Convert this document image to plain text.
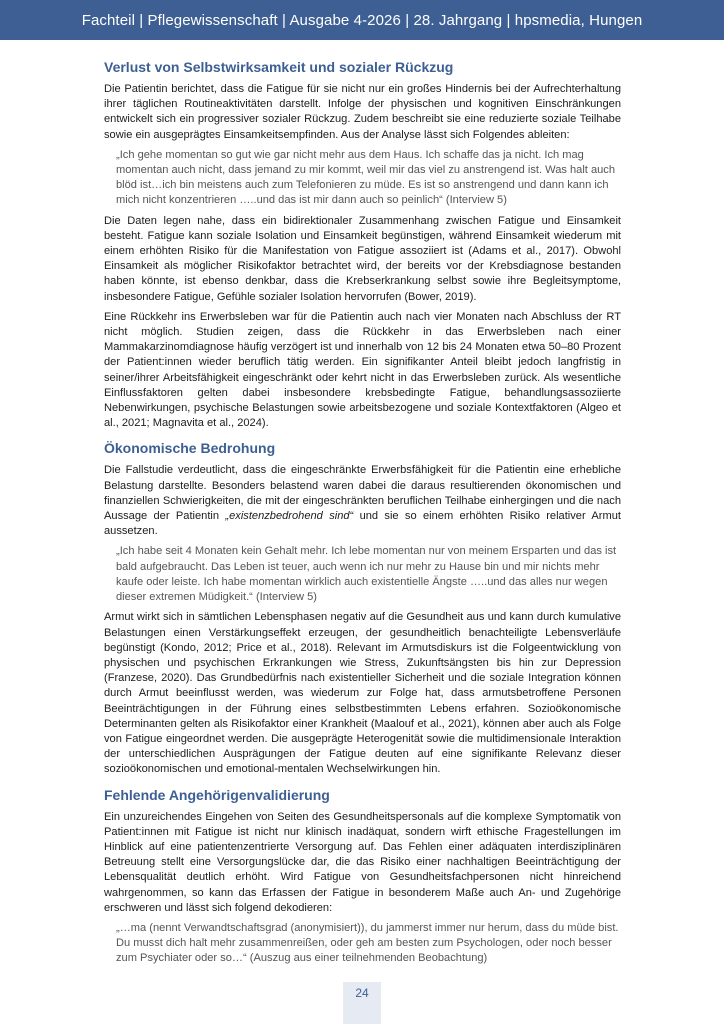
Fachteil | Pflegewissenschaft | Ausgabe 4-2026 | 28. Jahrgang | hpsmedia, Hungen
Verlust von Selbstwirksamkeit und sozialer Rückzug

Die Patientin berichtet, dass die Fatigue für sie nicht nur ein großes Hindernis bei der Aufrechterhaltung ihrer täglichen Routineaktivitäten darstellt. Infolge der physischen und kognitiven Einschränkungen entwickelt sich ein progressiver sozialer Rückzug. Zudem beschreibt sie eine reduzierte soziale Teilhabe sowie ein ausgeprägtes Einsamkeitsempfinden. Aus der Analyse lässt sich Folgendes ableiten:

„Ich gehe momentan so gut wie gar nicht mehr aus dem Haus. Ich schaffe das ja nicht. Ich mag momentan auch nicht, dass jemand zu mir kommt, weil mir das viel zu anstrengend ist. Was halt auch blöd ist…ich bin meistens auch zum Telefonieren zu müde. Es ist so anstrengend und dann kann ich mich nicht konzentrieren …..und das ist mir dann auch so peinlich“ (Interview 5)

Die Daten legen nahe, dass ein bidirektionaler Zusammenhang zwischen Fatigue und Einsamkeit besteht. Fatigue kann soziale Isolation und Einsamkeit begünstigen, während Einsamkeit wiederum mit einem erhöhten Risiko für die Manifestation von Fatigue assoziiert ist (Adams et al., 2017). Obwohl Einsamkeit als möglicher Risikofaktor betrachtet wird, der bereits vor der Krebsdiagnose bestanden haben könnte, ist ebenso denkbar, dass die Krebserkrankung selbst sowie ihre Begleitsymptome, insbesondere Fatigue, Gefühle sozialer Isolation hervorrufen (Bower, 2019).

Eine Rückkehr ins Erwerbsleben war für die Patientin auch nach vier Monaten nach Abschluss der RT nicht möglich. Studien zeigen, dass die Rückkehr in das Erwerbsleben nach einer Mammakarzinomdiagnose häufig verzögert ist und innerhalb von 12 bis 24 Monaten etwa 50–80 Prozent der Patient:innen wieder beruflich tätig werden. Ein signifikanter Anteil bleibt jedoch langfristig in seiner/ihrer Arbeitsfähigkeit eingeschränkt oder kehrt nicht in das Erwerbsleben zurück. Als wesentliche Einflussfaktoren gelten dabei insbesondere krebsbedingte Fatigue, behandlungsassoziierte Nebenwirkungen, psychische Belastungen sowie arbeitsbezogene und soziale Kontextfaktoren (Algeo et al., 2021; Magnavita et al., 2024).

Ökonomische Bedrohung

Die Fallstudie verdeutlicht, dass die eingeschränkte Erwerbsfähigkeit für die Patientin eine erhebliche Belastung darstellte. Besonders belastend waren dabei die daraus resultierenden ökonomischen und finanziellen Schwierigkeiten, die mit der eingeschränkten beruflichen Teilhabe einhergingen und die nach Aussage der Patientin „existenzbedrohend sind“ und sie so einem erhöhten Risiko relativer Armut aussetzen.

„Ich habe seit 4 Monaten kein Gehalt mehr. Ich lebe momentan nur von meinem Ersparten und das ist bald aufgebraucht. Das Leben ist teuer, auch wenn ich nur mehr zu Hause bin und mir nichts mehr kaufe oder leiste. Ich habe momentan wirklich auch existentielle Ängste …..und das alles nur wegen dieser extremen Müdigkeit.“ (Interview 5)

Armut wirkt sich in sämtlichen Lebensphasen negativ auf die Gesundheit aus und kann durch kumulative Belastungen einen Verstärkungseffekt erzeugen, der gesundheitlich benachteiligte Lebensverläufe begünstigt (Kondo, 2012; Price et al., 2018). Relevant im Armutsdiskurs ist die Folgeentwicklung von physischen und psychischen Erkrankungen wie Stress, Zukunftsängsten bis hin zur Depression (Franzese, 2020). Das Grundbedürfnis nach existentieller Sicherheit und die soziale Integration können durch Armut beeinflusst werden, was wiederum zur Folge hat, dass armutsbetroffene Personen Beeinträchtigungen in der Führung eines selbstbestimmten Lebens erfahren. Sozioökonomische Determinanten gelten als Risikofaktor einer Krankheit (Maalouf et al., 2021), können aber auch als Folge von Fatigue eingeordnet werden. Die ausgeprägte Heterogenität sowie die multidimensionale Interaktion der unterschiedlichen Ausprägungen der Fatigue deuten auf eine signifikante Relevanz dieser sozioökonomischen und emotional-mentalen Wechselwirkungen hin.

Fehlende Angehörigenvalidierung

Ein unzureichendes Eingehen von Seiten des Gesundheitspersonals auf die komplexe Symptomatik von Patient:innen mit Fatigue ist nicht nur klinisch inadäquat, sondern wirft ethische Fragestellungen im Hinblick auf eine patientenzentrierte Versorgung auf. Das Fehlen einer adäquaten interdisziplinären Betreuung stellt eine Versorgungslücke dar, die das Risiko einer nachhaltigen Beeinträchtigung der Lebensqualität deutlich erhöht. Wird Fatigue von Gesundheitsfachpersonen nicht hinreichend wahrgenommen, so kann das Erfassen der Fatigue in besonderem Maße auch An- und Zugehörige erschweren und lässt sich folgend dekodieren:

„…ma (nennt Verwandtschaftsgrad (anonymisiert)), du jammerst immer nur herum, dass du müde bist. Du musst dich halt mehr zusammenreißen, oder geh am besten zum Psychologen, oder noch besser zum Psychiater oder so…“ (Auszug aus einer teilnehmenden Beobachtung)

24
